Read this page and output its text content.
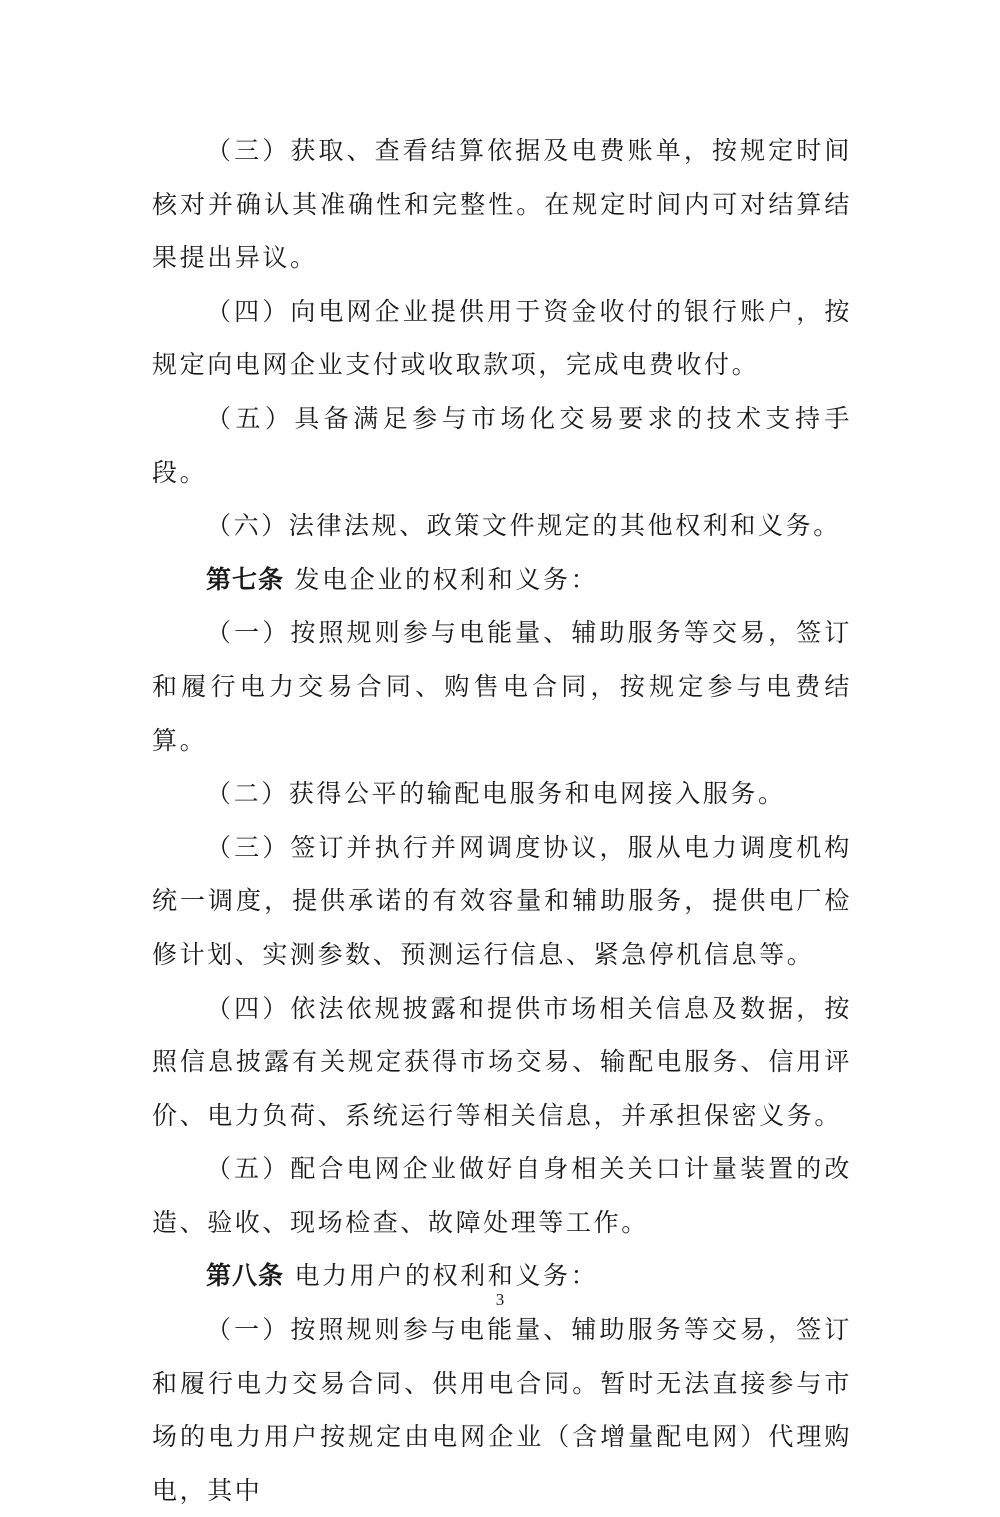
（三）获取、查看结算依据及电费账单，按规定时间核对并确认其准确性和完整性。在规定时间内可对结算结果提出异议。

（四）向电网企业提供用于资金收付的银行账户，按规定向电网企业支付或收取款项，完成电费收付。

（五）具备满足参与市场化交易要求的技术支持手段。

（六）法律法规、政策文件规定的其他权利和义务。

第七条 发电企业的权利和义务：

（一）按照规则参与电能量、辅助服务等交易，签订和履行电力交易合同、购售电合同，按规定参与电费结算。

（二）获得公平的输配电服务和电网接入服务。

（三）签订并执行并网调度协议，服从电力调度机构统一调度，提供承诺的有效容量和辅助服务，提供电厂检修计划、实测参数、预测运行信息、紧急停机信息等。

（四）依法依规披露和提供市场相关信息及数据，按照信息披露有关规定获得市场交易、输配电服务、信用评价、电力负荷、系统运行等相关信息，并承担保密义务。

（五）配合电网企业做好自身相关关口计量装置的改造、验收、现场检查、故障处理等工作。

第八条 电力用户的权利和义务：

（一）按照规则参与电能量、辅助服务等交易，签订和履行电力交易合同、供用电合同。暂时无法直接参与市场的电力用户按规定由电网企业（含增量配电网）代理购电，其中

3
